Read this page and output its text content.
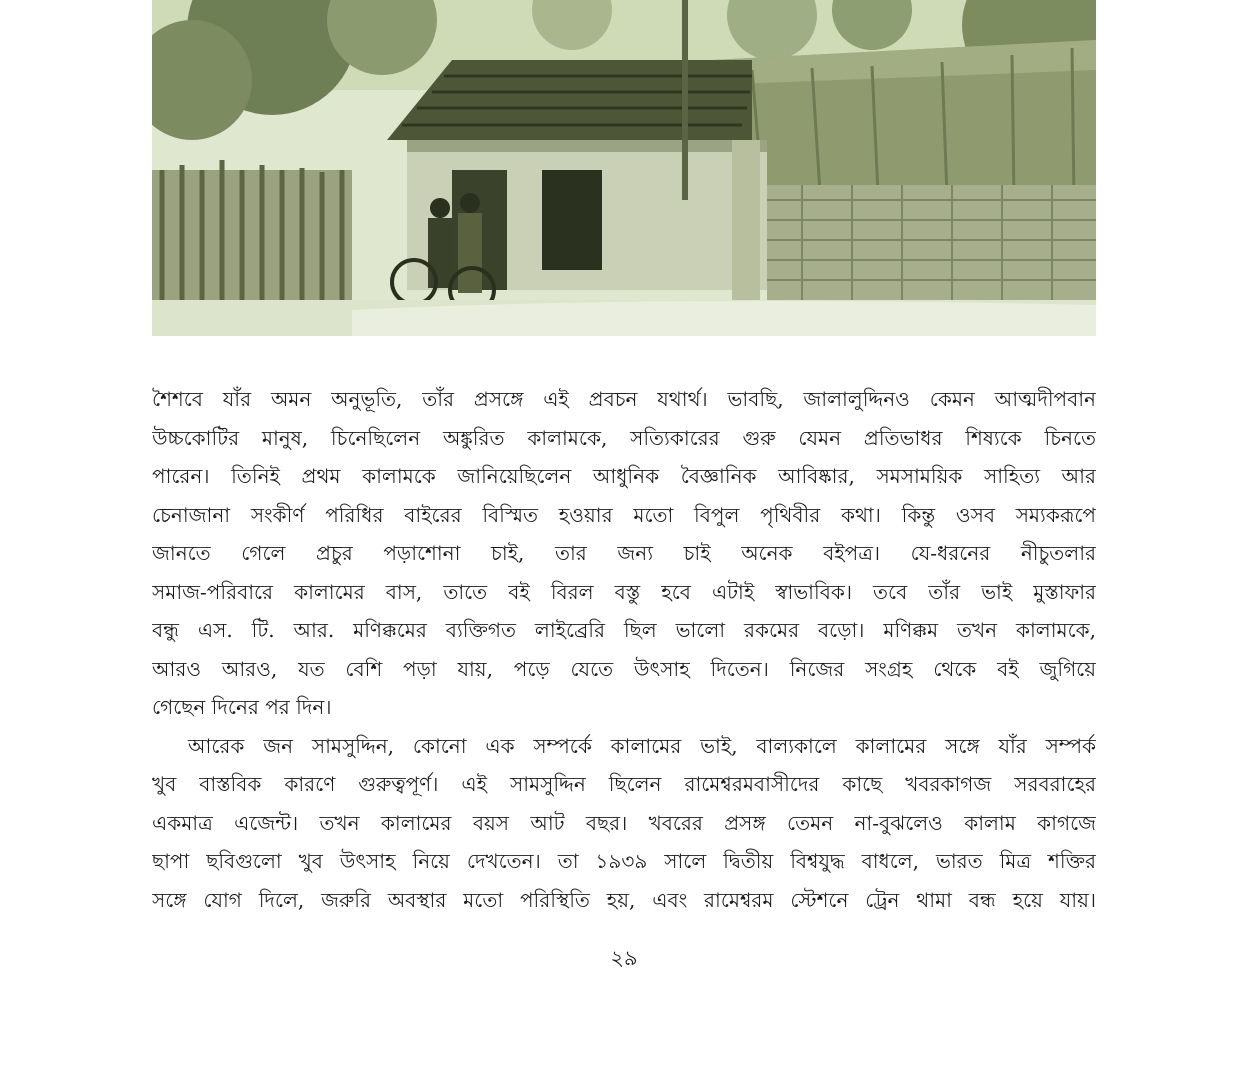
শৈশবে যাঁর অমন অনুভূতি, তাঁর প্রসঙ্গে এই প্রবচন যথার্থ। ভাবছি, জালালুদ্দিনও কেমন আত্মদীপবান
উচ্চকোটির মানুষ, চিনেছিলেন অঙ্কুরিত কালামকে, সত্যিকারের গুরু যেমন প্রতিভাধর শিষ্যকে চিনতে
পারেন। তিনিই প্রথম কালামকে জানিয়েছিলেন আধুনিক বৈজ্ঞানিক আবিষ্কার, সমসাময়িক সাহিত্য আর
চেনাজানা সংকীর্ণ পরিধির বাইরের বিস্মিত হওয়ার মতো বিপুল পৃথিবীর কথা। কিন্তু ওসব সম্যকরূপে
জানতে গেলে প্রচুর পড়াশোনা চাই, তার জন্য চাই অনেক বইপত্র। যে-ধরনের নীচুতলার
সমাজ-পরিবারে কালামের বাস, তাতে বই বিরল বস্তু হবে এটাই স্বাভাবিক। তবে তাঁর ভাই মুস্তাফার
বন্ধু এস. টি. আর. মণিক্কমের ব্যক্তিগত লাইব্রেরি ছিল ভালো রকমের বড়ো। মণিক্কম তখন কালামকে,
আরও আরও, যত বেশি পড়া যায়, পড়ে যেতে উৎসাহ দিতেন। নিজের সংগ্রহ থেকে বই জুগিয়ে
গেছেন দিনের পর দিন।
আরেক জন সামসুদ্দিন, কোনো এক সম্পর্কে কালামের ভাই, বাল্যকালে কালামের সঙ্গে যাঁর সম্পর্ক
খুব বাস্তবিক কারণে গুরুত্বপূর্ণ। এই সামসুদ্দিন ছিলেন রামেশ্বরমবাসীদের কাছে খবরকাগজ সরবরাহের
একমাত্র এজেন্ট। তখন কালামের বয়স আট বছর। খবরের প্রসঙ্গ তেমন না-বুঝলেও কালাম কাগজে
ছাপা ছবিগুলো খুব উৎসাহ নিয়ে দেখতেন। তা ১৯৩৯ সালে দ্বিতীয় বিশ্বযুদ্ধ বাধলে, ভারত মিত্র শক্তির
সঙ্গে যোগ দিলে, জরুরি অবস্থার মতো পরিস্থিতি হয়, এবং রামেশ্বরম স্টেশনে ট্রেন থামা বন্ধ হয়ে যায়।
২৯
